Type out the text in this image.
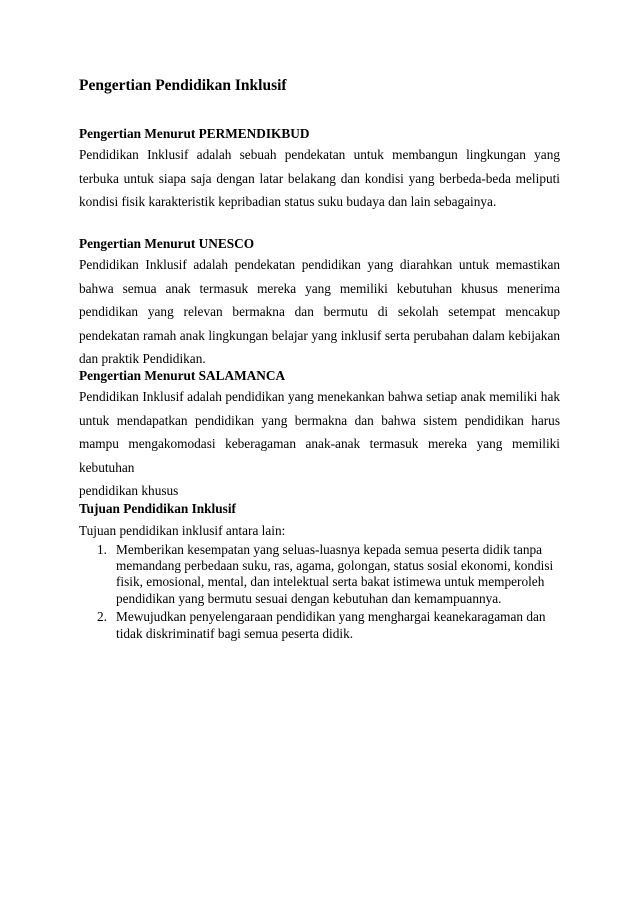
Pengertian Pendidikan Inklusif
Pengertian Menurut PERMENDIKBUD

Pendidikan Inklusif adalah sebuah pendekatan untuk membangun lingkungan yang terbuka untuk siapa saja dengan latar belakang dan kondisi yang berbeda-beda meliputi kondisi fisik karakteristik kepribadian status suku budaya dan lain sebagainya.

Pengertian Menurut UNESCO

Pendidikan Inklusif adalah pendekatan pendidikan yang diarahkan untuk memastikan bahwa semua anak termasuk mereka yang memiliki kebutuhan khusus menerima pendidikan yang relevan bermakna dan bermutu di sekolah setempat mencakup pendekatan ramah anak lingkungan belajar yang inklusif serta perubahan dalam kebijakan dan praktik Pendidikan.

Pengertian Menurut SALAMANCA

Pendidikan Inklusif adalah pendidikan yang menekankan bahwa setiap anak memiliki hak untuk mendapatkan pendidikan yang bermakna dan bahwa sistem pendidikan harus mampu mengakomodasi keberagaman anak-anak termasuk mereka yang memiliki kebutuhan

pendidikan khusus

Tujuan Pendidikan Inklusif

Tujuan pendidikan inklusif antara lain:

1. Memberikan kesempatan yang seluas-luasnya kepada semua peserta didik tanpa memandang perbedaan suku, ras, agama, golongan, status sosial ekonomi, kondisi fisik, emosional, mental, dan intelektual serta bakat istimewa untuk memperoleh pendidikan yang bermutu sesuai dengan kebutuhan dan kemampuannya.
2. Mewujudkan penyelengaraan pendidikan yang menghargai keanekaragaman dan tidak diskriminatif bagi semua peserta didik.
